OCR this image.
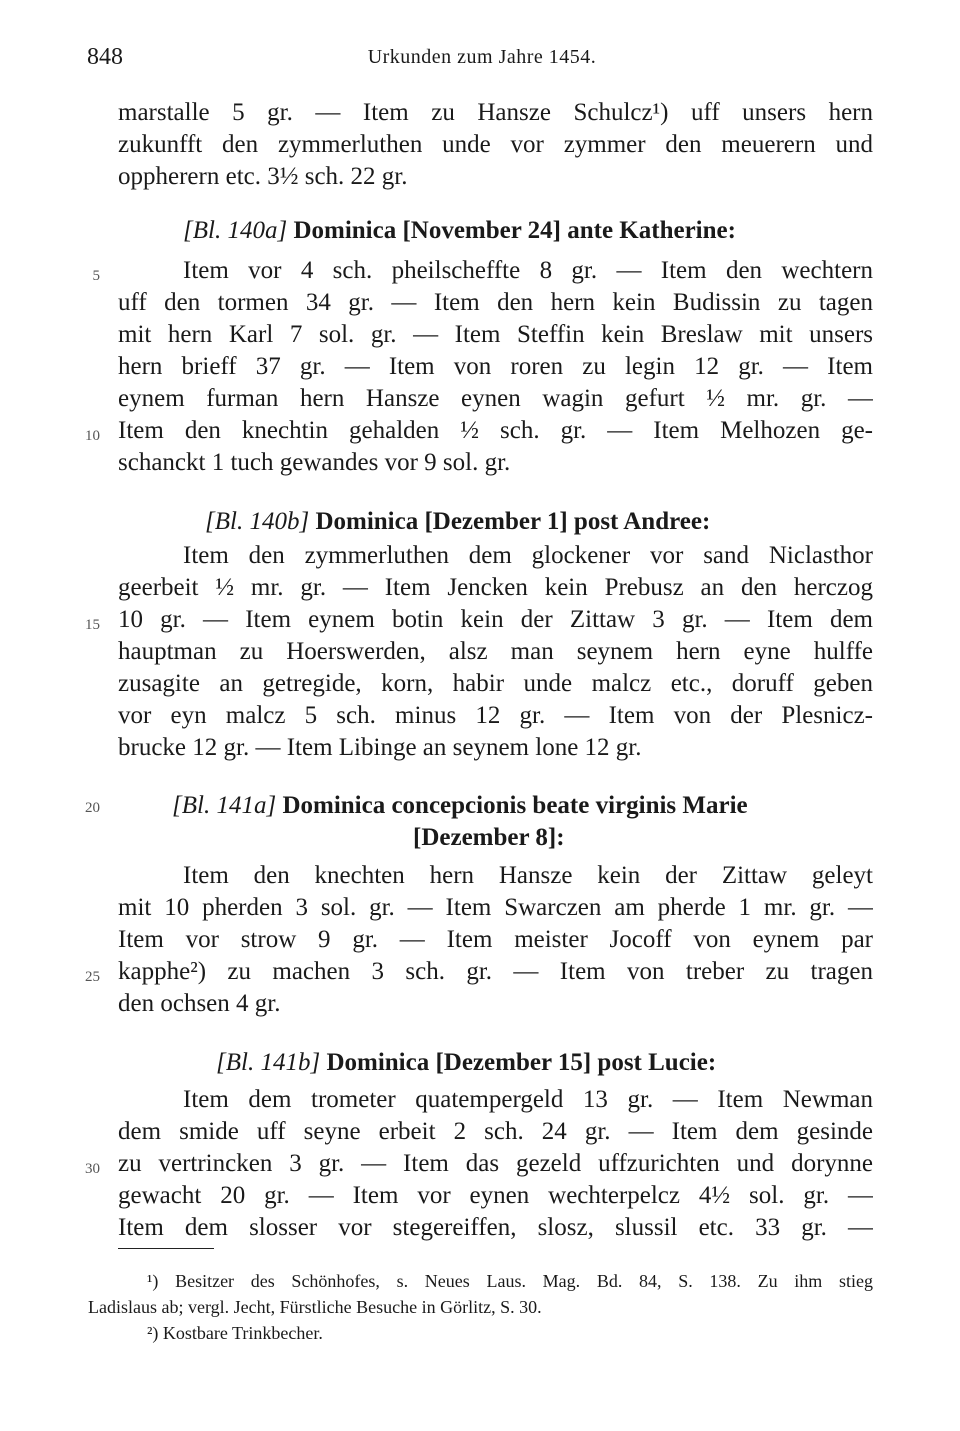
848	Urkunden zum Jahre 1454.
marstalle 5 gr. — Item zu Hansze Schulcz¹) uff unsers hern
zukunfft den zymmerluthen unde vor zymmer den meuerern und
oppherern etc. 3½ sch. 22 gr.
[Bl. 140a] Dominica [November 24] ante Katherine:
Item vor 4 sch. pheilscheffte 8 gr. — Item den wechtern
uff den tormen 34 gr. — Item den hern kein Budissin zu tagen
mit hern Karl 7 sol. gr. — Item Steffin kein Breslaw mit unsers
hern brieff 37 gr. — Item von roren zu legin 12 gr. — Item
eynem furman hern Hansze eynen wagin gefurt ½ mr. gr. —
Item den knechtin gehalden ½ sch. gr. — Item Melhozen ge-
schanckt 1 tuch gewandes vor 9 sol. gr.
[Bl. 140b] Dominica [Dezember 1] post Andree:
Item den zymmerluthen dem glockener vor sand Niclasthor
geerbeit ½ mr. gr. — Item Jencken kein Prebusz an den herczog
10 gr. — Item eynem botin kein der Zittaw 3 gr. — Item dem
hauptman zu Hoerswerden, alsz man seynem hern eyne hulffe
zusagite an getregide, korn, habir unde malcz etc., doruff geben
vor eyn malcz 5 sch. minus 12 gr. — Item von der Plesnicz-
brucke 12 gr. — Item Libinge an seynem lone 12 gr.
[Bl. 141a] Dominica concepcionis beate virginis Marie
[Dezember 8]:
Item den knechten hern Hansze kein der Zittaw geleyt
mit 10 pherden 3 sol. gr. — Item Swarczen am pherde 1 mr. gr. —
Item vor strow 9 gr. — Item meister Jocoff von eynem par
kapphe²) zu machen 3 sch. gr. — Item von treber zu tragen
den ochsen 4 gr.
[Bl. 141b] Dominica [Dezember 15] post Lucie:
Item dem trometer quatempergeld 13 gr. — Item Newman
dem smide uff seyne erbeit 2 sch. 24 gr. — Item dem gesinde
zu vertrincken 3 gr. — Item das gezeld uffzurichten und dorynne
gewacht 20 gr. — Item vor eynen wechterpelcz 4½ sol. gr. —
Item dem slosser vor stegereiffen, slosz, slussil etc. 33 gr. —
5
10
15
20
25
30
¹) Besitzer des Schönhofes, s. Neues Laus. Mag. Bd. 84, S. 138. Zu ihm stieg
Ladislaus ab; vergl. Jecht, Fürstliche Besuche in Görlitz, S. 30.
²) Kostbare Trinkbecher.
